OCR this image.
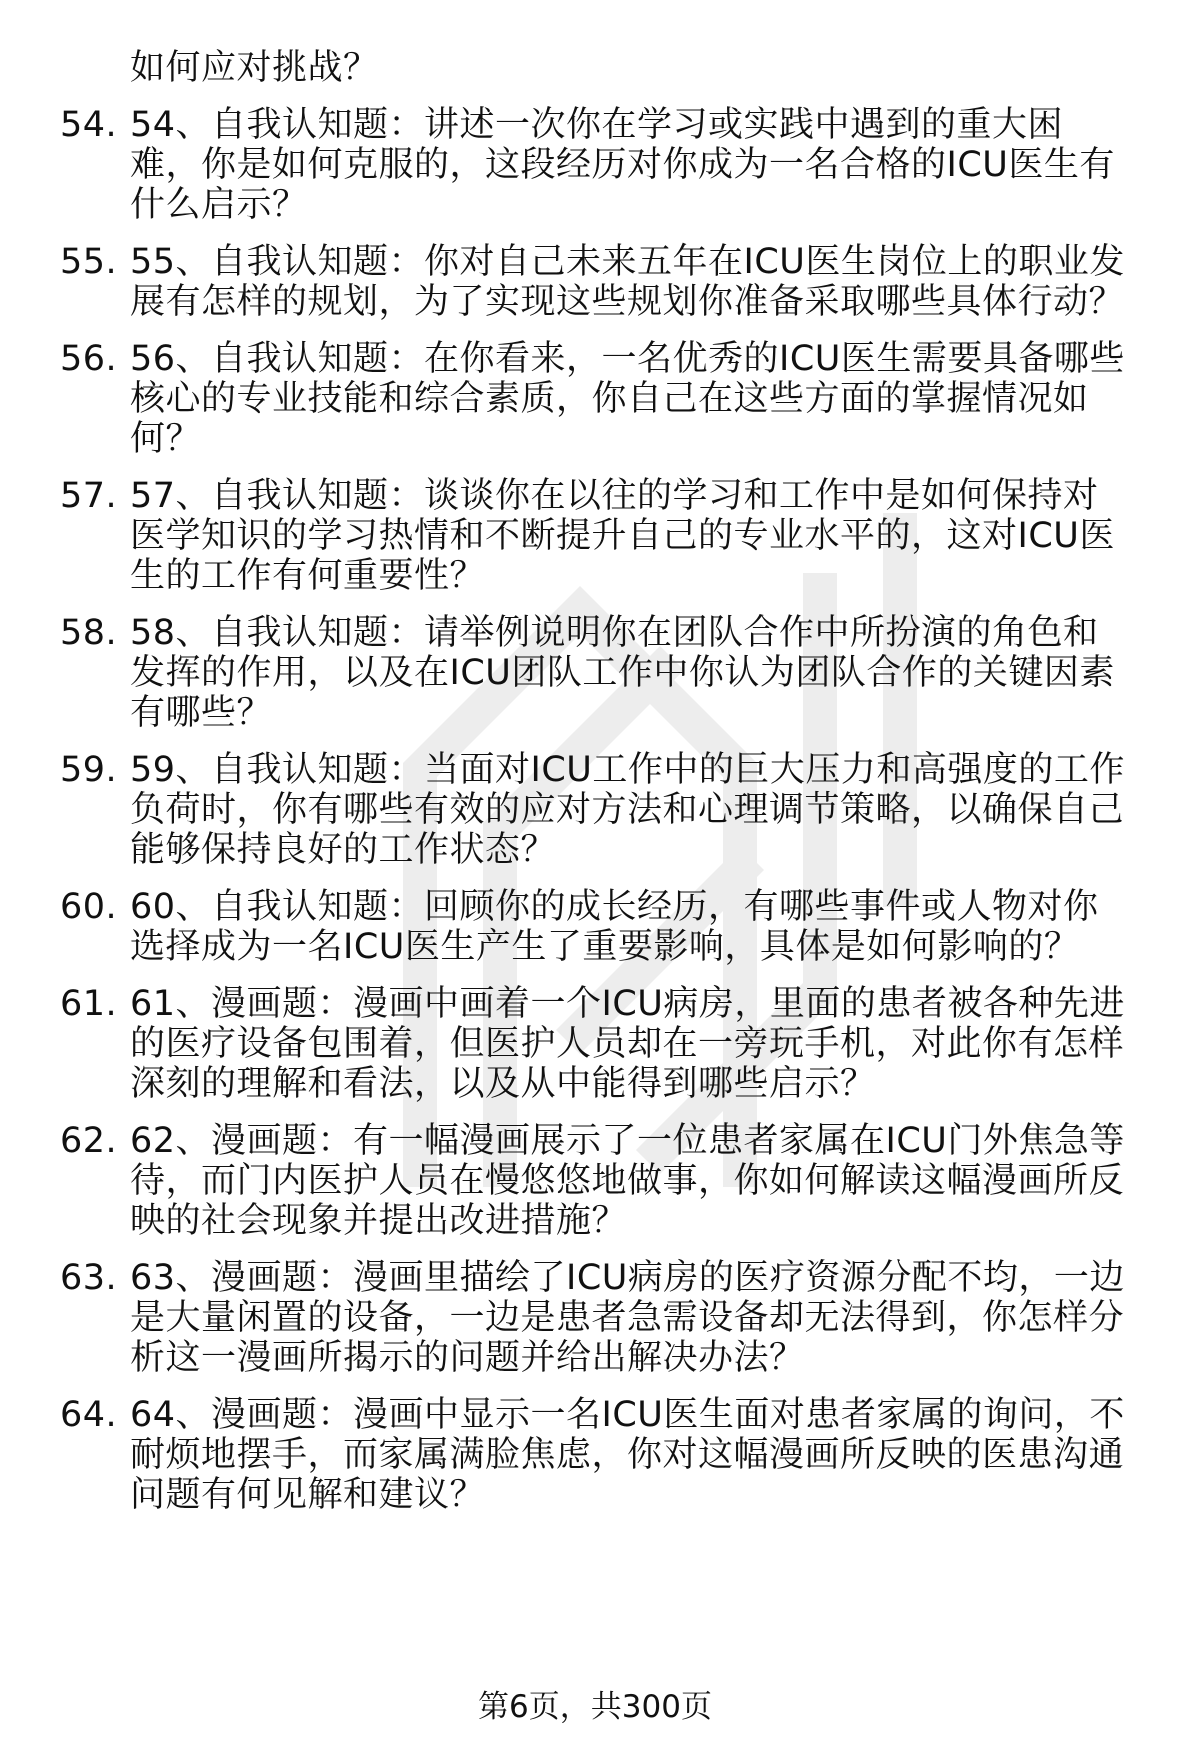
如何应对挑战？
54. 54、自我认知题：讲述一次你在学习或实践中遇到的重大困难，你是如何克服的，这段经历对你成为一名合格的ICU医生有什么启示？
55. 55、自我认知题：你对自己未来五年在ICU医生岗位上的职业发展有怎样的规划，为了实现这些规划你准备采取哪些具体行动？
56. 56、自我认知题：在你看来，一名优秀的ICU医生需要具备哪些核心的专业技能和综合素质，你自己在这些方面的掌握情况如何？
57. 57、自我认知题：谈谈你在以往的学习和工作中是如何保持对医学知识的学习热情和不断提升自己的专业水平的，这对ICU医生的工作有何重要性？
58. 58、自我认知题：请举例说明你在团队合作中所扮演的角色和发挥的作用，以及在ICU团队工作中你认为团队合作的关键因素有哪些？
59. 59、自我认知题：当面对ICU工作中的巨大压力和高强度的工作负荷时，你有哪些有效的应对方法和心理调节策略，以确保自己能够保持良好的工作状态？
60. 60、自我认知题：回顾你的成长经历，有哪些事件或人物对你选择成为一名ICU医生产生了重要影响，具体是如何影响的？
61. 61、漫画题：漫画中画着一个ICU病房，里面的患者被各种先进的医疗设备包围着，但医护人员却在一旁玩手机，对此你有怎样深刻的理解和看法，以及从中能得到哪些启示？
62. 62、漫画题：有一幅漫画展示了一位患者家属在ICU门外焦急等待，而门内医护人员在慢悠悠地做事，你如何解读这幅漫画所反映的社会现象并提出改进措施？
63. 63、漫画题：漫画里描绘了ICU病房的医疗资源分配不均，一边是大量闲置的设备，一边是患者急需设备却无法得到，你怎样分析这一漫画所揭示的问题并给出解决办法？
64. 64、漫画题：漫画中显示一名ICU医生面对患者家属的询问，不耐烦地摆手，而家属满脸焦虑，你对这幅漫画所反映的医患沟通问题有何见解和建议？
第6页，共300页
